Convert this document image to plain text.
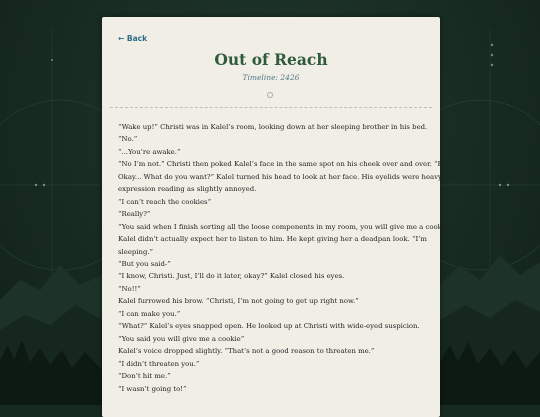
← Back
Out of Reach
Timeline: 2426
“Wake up!” Christi was in Kalel’s room, looking down at her sleeping brother in his bed.
“No.”
“...You’re awake.”
“No I’m not.” Christi then poked Kalel’s face in the same spot on his cheek over and over. “Fine!
Okay... What do you want?” Kalel turned his head to look at her face. His eyelids were heavy, his
expression reading as slightly annoyed.
“I can’t reach the cookies”
“Really?”
“You said when I finish sorting all the loose components in my room, you will give me a cookie”
Kalel didn’t actually expect her to listen to him. He kept giving her a deadpan look. “I’m
sleeping.”
“But you said-”
“I know, Christi. Just, I’ll do it later, okay?” Kalel closed his eyes.
“No!!”
Kalel furrowed his brow. “Christi, I’m not going to get up right now.”
“I can make you.”
“What?” Kalel’s eyes snapped open. He looked up at Christi with wide-eyed suspicion.
“You said you will give me a cookie”
Kalel’s voice dropped slightly. “That’s not a good reason to threaten me.”
“I didn’t threaten you.”
“Don’t hit me.”
“I wasn’t going to!”
